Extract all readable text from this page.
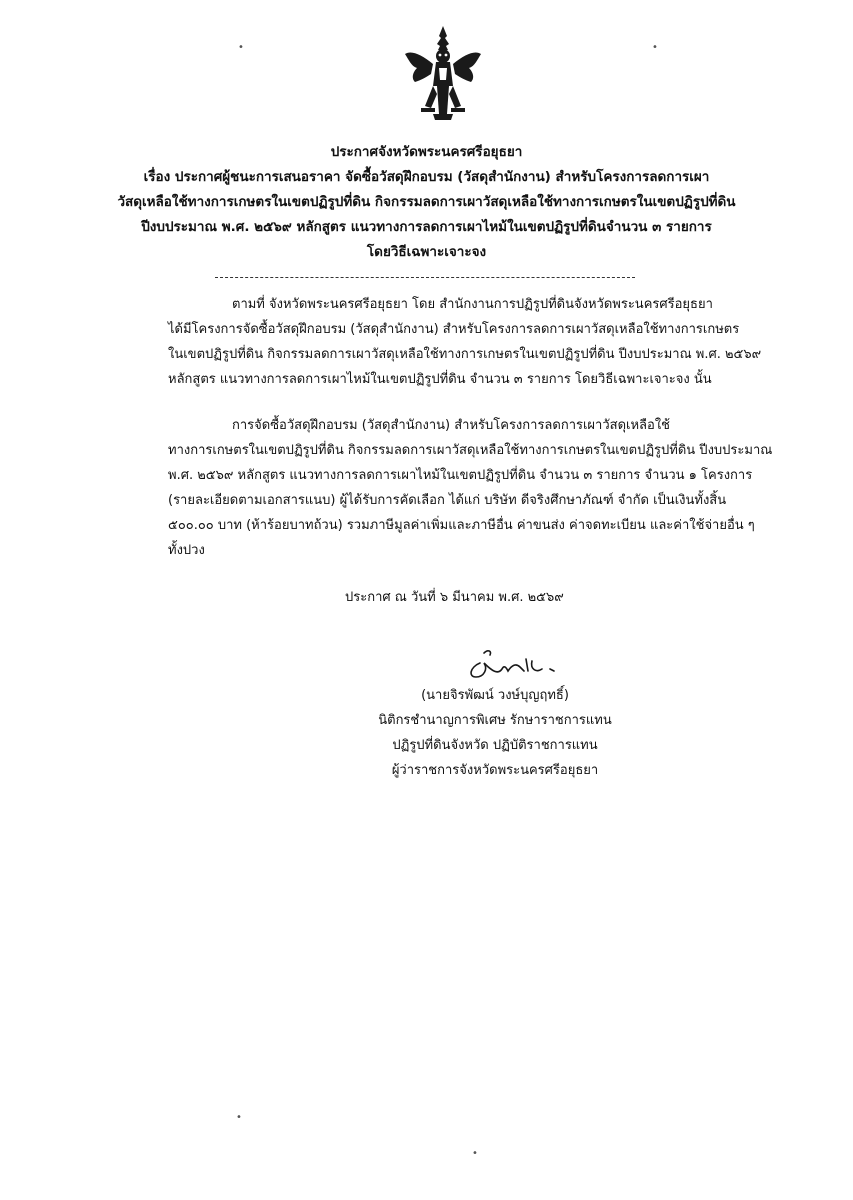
•	•
•
•
ประกาศจังหวัดพระนครศรีอยุธยา
เรื่อง ประกาศผู้ชนะการเสนอราคา จัดซื้อวัสดุฝึกอบรม (วัสดุสำนักงาน) สำหรับโครงการลดการเผา
วัสดุเหลือใช้ทางการเกษตรในเขตปฏิรูปที่ดิน กิจกรรมลดการเผาวัสดุเหลือใช้ทางการเกษตรในเขตปฏิรูปที่ดิน
ปีงบประมาณ พ.ศ. ๒๕๖๙ หลักสูตร แนวทางการลดการเผาไหม้ในเขตปฏิรูปที่ดินจำนวน ๓ รายการ
โดยวิธีเฉพาะเจาะจง
ตามที่ จังหวัดพระนครศรีอยุธยา โดย สำนักงานการปฏิรูปที่ดินจังหวัดพระนครศรีอยุธยา
ได้มีโครงการจัดซื้อวัสดุฝึกอบรม (วัสดุสำนักงาน) สำหรับโครงการลดการเผาวัสดุเหลือใช้ทางการเกษตร
ในเขตปฏิรูปที่ดิน กิจกรรมลดการเผาวัสดุเหลือใช้ทางการเกษตรในเขตปฏิรูปที่ดิน ปีงบประมาณ พ.ศ. ๒๕๖๙
หลักสูตร แนวทางการลดการเผาไหม้ในเขตปฏิรูปที่ดิน จำนวน ๓ รายการ โดยวิธีเฉพาะเจาะจง นั้น
การจัดซื้อวัสดุฝึกอบรม (วัสดุสำนักงาน) สำหรับโครงการลดการเผาวัสดุเหลือใช้
ทางการเกษตรในเขตปฏิรูปที่ดิน กิจกรรมลดการเผาวัสดุเหลือใช้ทางการเกษตรในเขตปฏิรูปที่ดิน ปีงบประมาณ
พ.ศ. ๒๕๖๙ หลักสูตร แนวทางการลดการเผาไหม้ในเขตปฏิรูปที่ดิน จำนวน ๓ รายการ จำนวน ๑ โครงการ
(รายละเอียดตามเอกสารแนบ) ผู้ได้รับการคัดเลือก ได้แก่ บริษัท ดีจริงศึกษาภัณฑ์ จำกัด เป็นเงินทั้งสิ้น
๕๐๐.๐๐ บาท (ห้าร้อยบาทถ้วน) รวมภาษีมูลค่าเพิ่มและภาษีอื่น ค่าขนส่ง ค่าจดทะเบียน และค่าใช้จ่ายอื่น ๆ
ทั้งปวง
ประกาศ ณ วันที่ ๖ มีนาคม พ.ศ. ๒๕๖๙
(นายจิรพัฒน์ วงษ์บุญฤทธิ์)
นิติกรชำนาญการพิเศษ รักษาราชการแทน
ปฏิรูปที่ดินจังหวัด ปฏิบัติราชการแทน
ผู้ว่าราชการจังหวัดพระนครศรีอยุธยา
